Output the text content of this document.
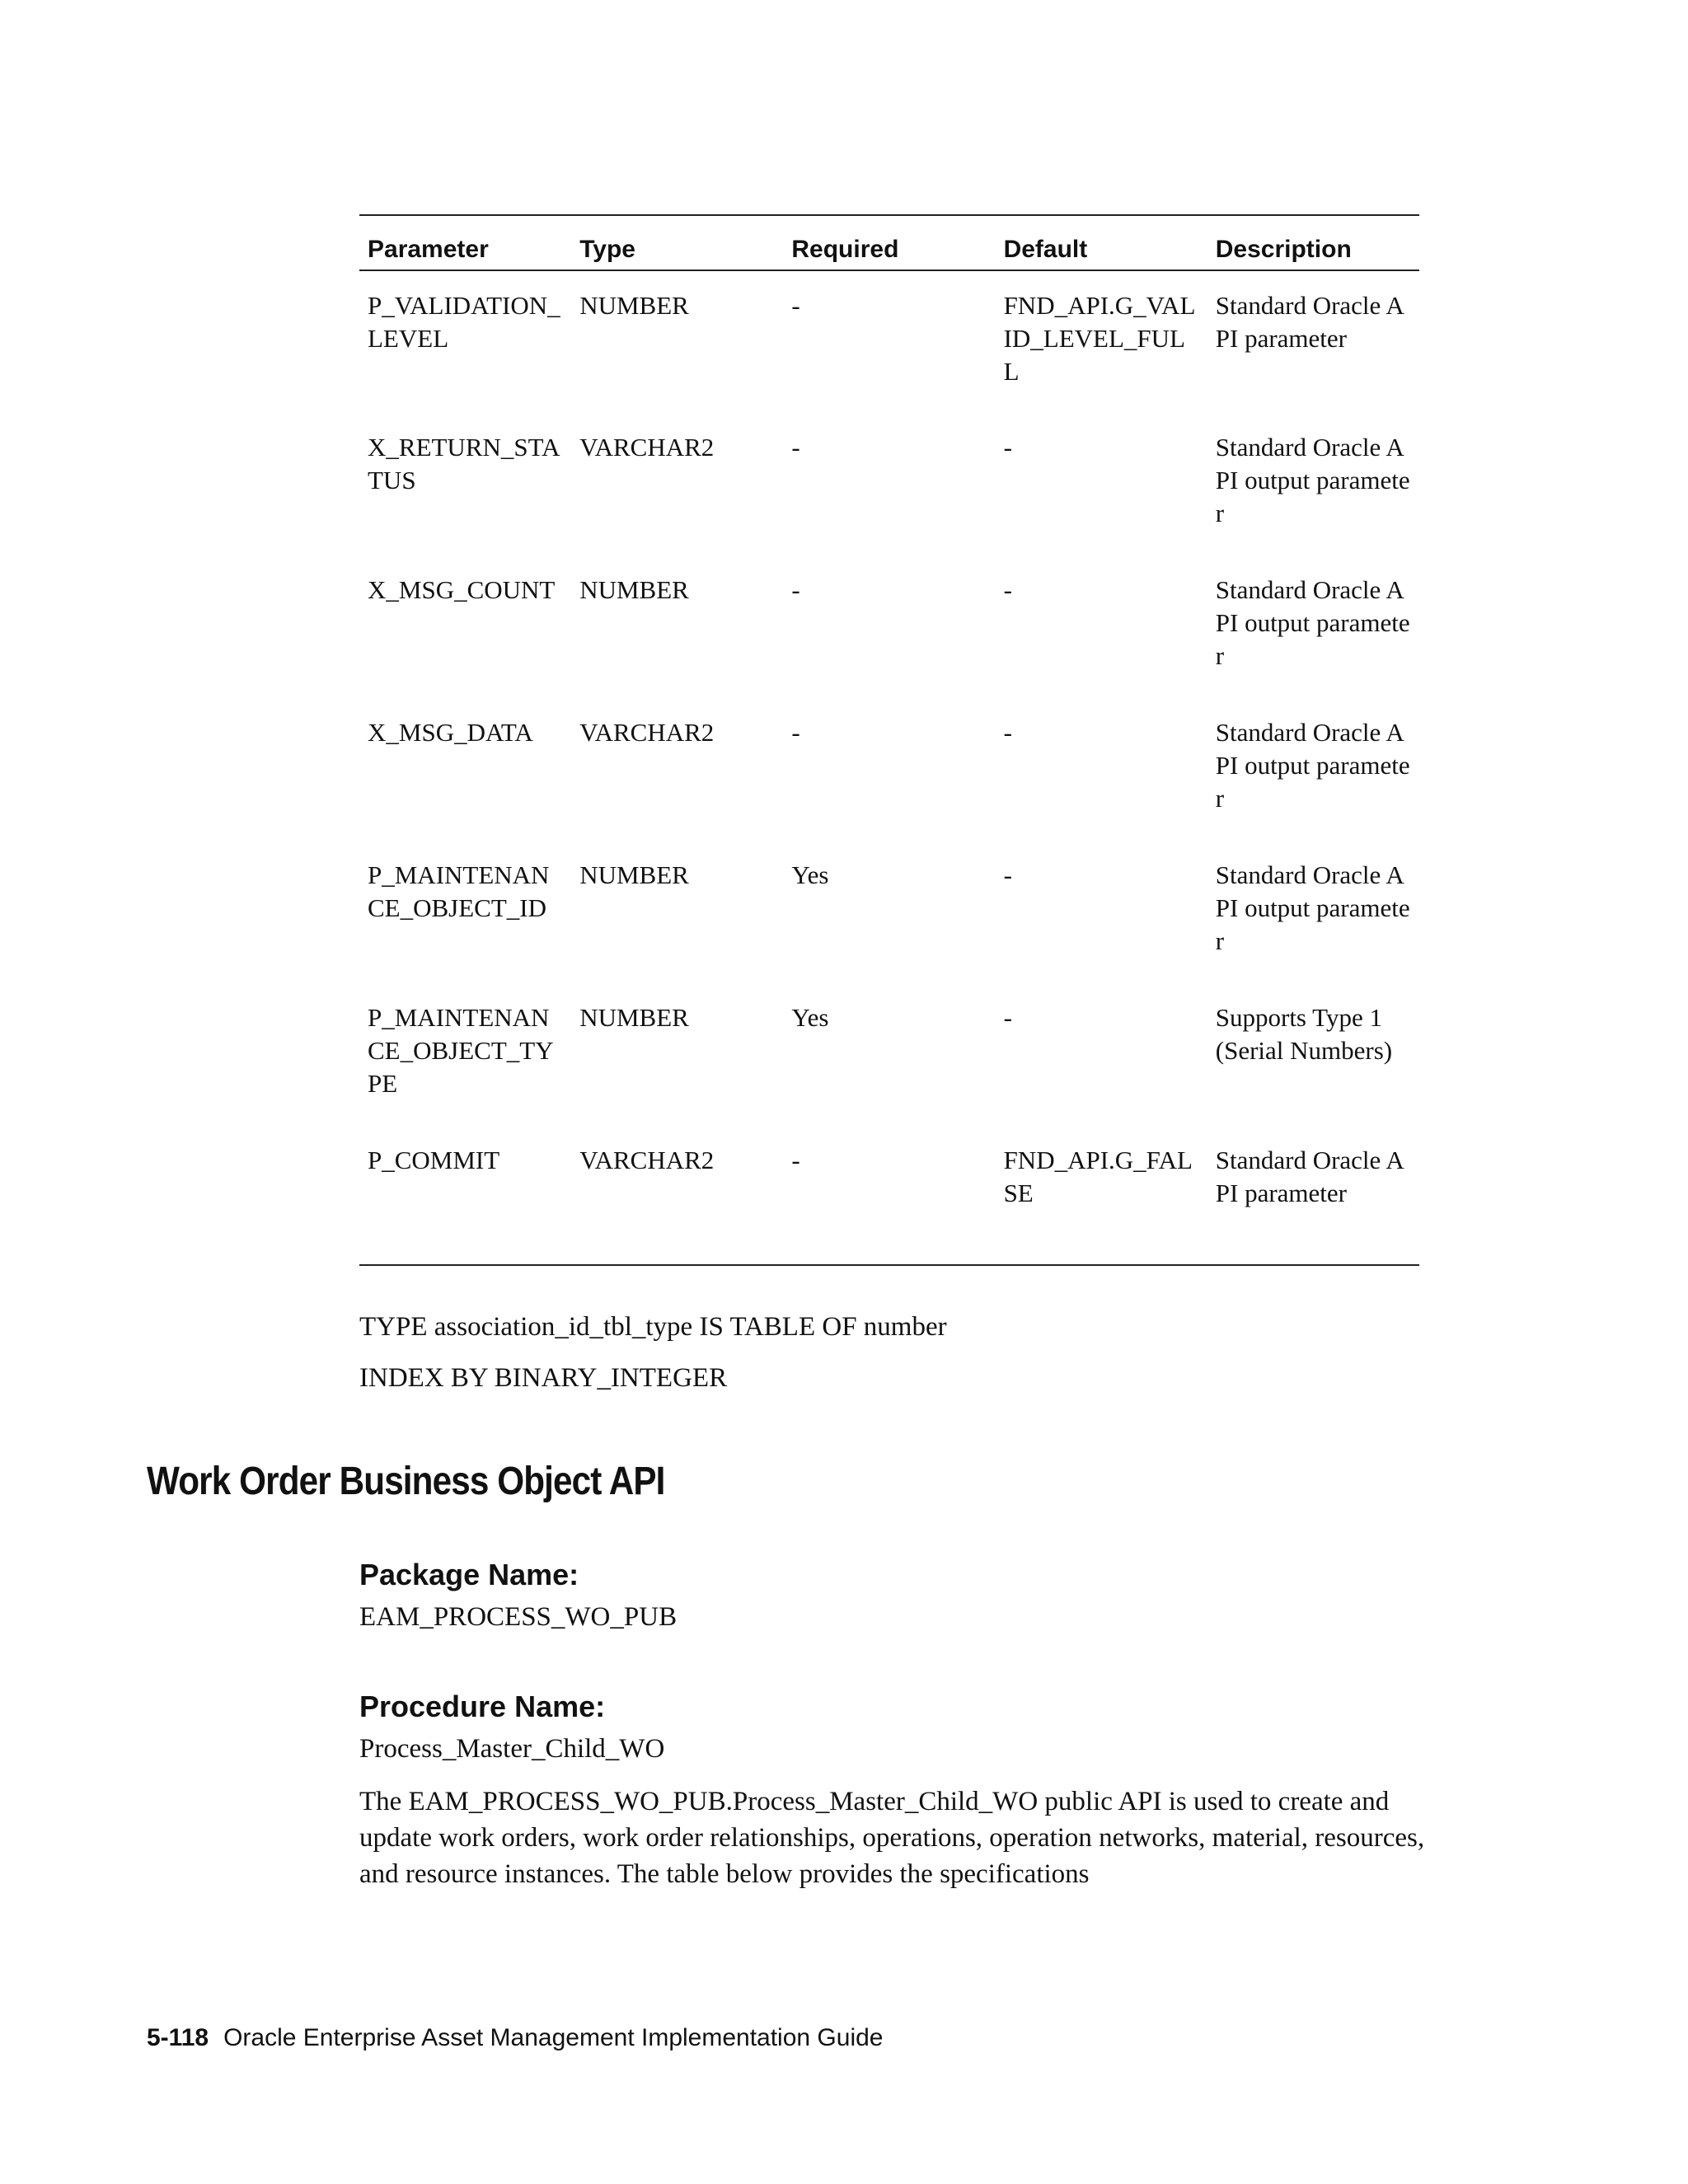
Parameter	Type	Required	Default	Description
P_VALIDATION_LEVEL	NUMBER	-	FND_API.G_VALID_LEVEL_FULL	Standard Oracle API parameter
X_RETURN_STATUS	VARCHAR2	-	-	Standard Oracle API output parameter
X_MSG_COUNT	NUMBER	-	-	Standard Oracle API output parameter
X_MSG_DATA	VARCHAR2	-	-	Standard Oracle API output parameter
P_MAINTENANCE_OBJECT_ID	NUMBER	Yes	-	Standard Oracle API output parameter
P_MAINTENANCE_OBJECT_TYPE	NUMBER	Yes	-	Supports Type 1 (Serial Numbers)
P_COMMIT	VARCHAR2	-	FND_API.G_FALSE	Standard Oracle API parameter

TYPE association_id_tbl_type IS TABLE OF number

INDEX BY BINARY_INTEGER

Work Order Business Object API
Package Name:

EAM_PROCESS_WO_PUB

Procedure Name:

Process_Master_Child_WO

The EAM_PROCESS_WO_PUB.Process_Master_Child_WO public API is used to create and update work orders, work order relationships, operations, operation networks, material, resources, and resource instances. The table below provides the specifications

5-118 Oracle Enterprise Asset Management Implementation Guide
